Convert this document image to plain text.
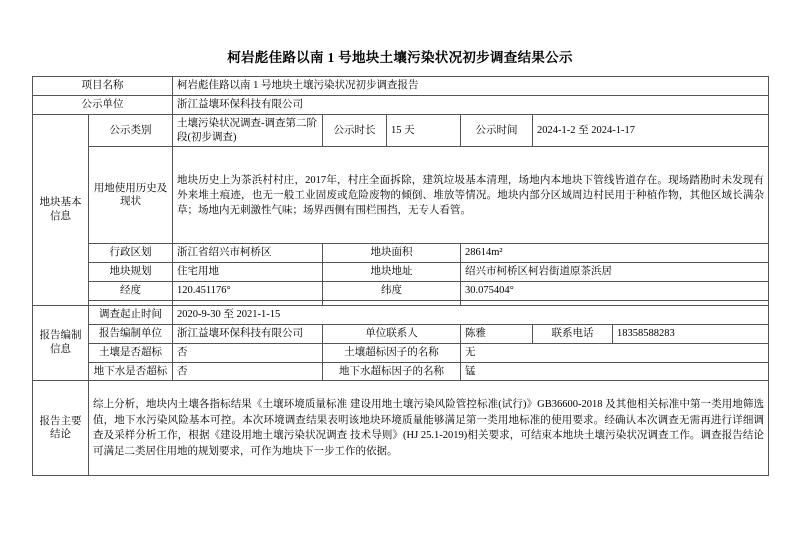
柯岩彪佳路以南 1 号地块土壤污染状况初步调查结果公示
项目名称		柯岩彪佳路以南 1 号地块土壤污染状况初步调查报告					
公示单位		浙江益壤环保科技有限公司					
地块基本信息	公示类别	土壤污染状况调查-调查第二阶段(初步调查)	公示时长	15 天	公示时间	2024-1-2 至 2024-1-17	
	用地使用历史及现状	地块历史上为茶浜村村庄，2017年，村庄全面拆除，建筑垃圾基本清理，场地内本地块下管线皆道存在。现场踏勘时未发现有外来堆土痕迹，也无一般工业固废或危险废物的倾倒、堆放等情况。地块内部分区域周边村民用于种植作物，其他区域长满杂草；场地内无刺激性气味；场界西侧有围栏围挡，无专人看管。					
	行政区划	浙江省绍兴市柯桥区	地块面积		28614m²		
	地块规划	住宅用地	地块地址		绍兴市柯桥区柯岩街道原茶浜居		
	经度	120.451176°	纬度		30.075404°		

报告编制信息	调查起止时间	2020-9-30 至 2021-1-15					
	报告编制单位	浙江益壤环保科技有限公司	单位联系人		陈雅	联系电话	18358588283
	土壤是否超标	否	土壤超标因子的名称		无		
	地下水是否超标	否	地下水超标因子的名称		锰		
报告主要结论	综上分析，地块内土壤各指标结果《土壤环境质量标准 建设用地土壤污染风险管控标准(试行)》GB36600-2018 及其他相关标准中第一类用地筛选值，地下水污染风险基本可控。本次环境调查结果表明该地块环境质量能够满足第一类用地标准的使用要求。经确认本次调查无需再进行详细调查及采样分析工作，根据《建设用地土壤污染状况调查 技术导则》(HJ 25.1-2019)相关要求，可结束本地块土壤污染状况调查工作。调查报告结论可满足二类居住用地的规划要求，可作为地块下一步工作的依据。						
